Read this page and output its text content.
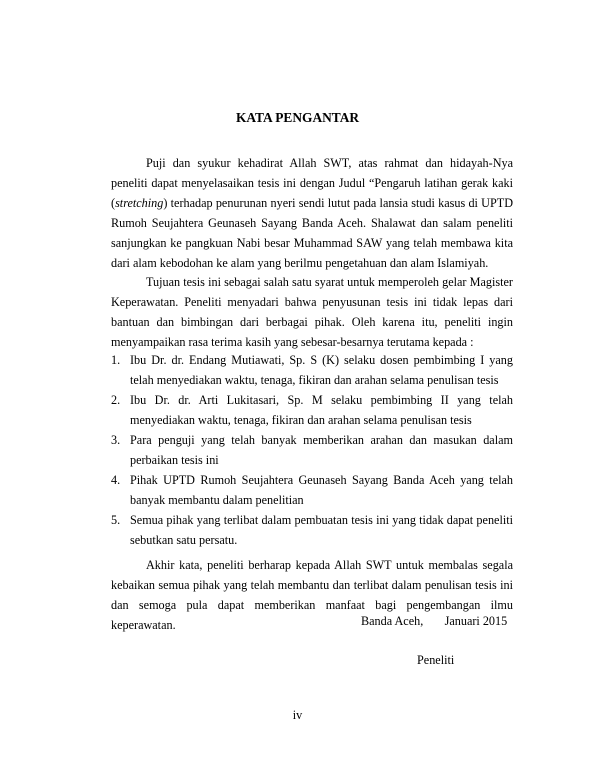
KATA PENGANTAR

Puji dan syukur kehadirat Allah SWT, atas rahmat dan hidayah-Nya peneliti dapat menyelasaikan tesis ini dengan Judul “Pengaruh latihan gerak kaki (stretching) terhadap penurunan nyeri sendi lutut pada lansia studi kasus di UPTD Rumoh Seujahtera Geunaseh Sayang Banda Aceh. Shalawat dan salam peneliti sanjungkan ke pangkuan Nabi besar Muhammad SAW yang telah membawa kita dari alam kebodohan ke alam yang berilmu pengetahuan dan alam Islamiyah.

Tujuan tesis ini sebagai salah satu syarat untuk memperoleh gelar Magister Keperawatan. Peneliti menyadari bahwa penyusunan tesis ini tidak lepas dari bantuan dan bimbingan dari berbagai pihak. Oleh karena itu, peneliti ingin menyampaikan rasa terima kasih yang sebesar-besarnya terutama kepada :

1. Ibu Dr. dr. Endang Mutiawati, Sp. S (K) selaku dosen pembimbing I yang telah menyediakan waktu, tenaga, fikiran dan arahan selama penulisan tesis
2. Ibu Dr. dr. Arti Lukitasari, Sp. M selaku pembimbing II yang telah menyediakan waktu, tenaga, fikiran dan arahan selama penulisan tesis
3. Para penguji yang telah banyak memberikan arahan dan masukan dalam perbaikan tesis ini
4. Pihak UPTD Rumoh Seujahtera Geunaseh Sayang Banda Aceh yang telah banyak membantu dalam penelitian
5. Semua pihak yang terlibat dalam pembuatan tesis ini yang tidak dapat peneliti sebutkan satu persatu.

Akhir kata, peneliti berharap kepada Allah SWT untuk membalas segala kebaikan semua pihak yang telah membantu dan terlibat dalam penulisan tesis ini dan semoga pula dapat memberikan manfaat bagi pengembangan ilmu keperawatan.	Banda Aceh,       Januari 2015
Peneliti
iv
